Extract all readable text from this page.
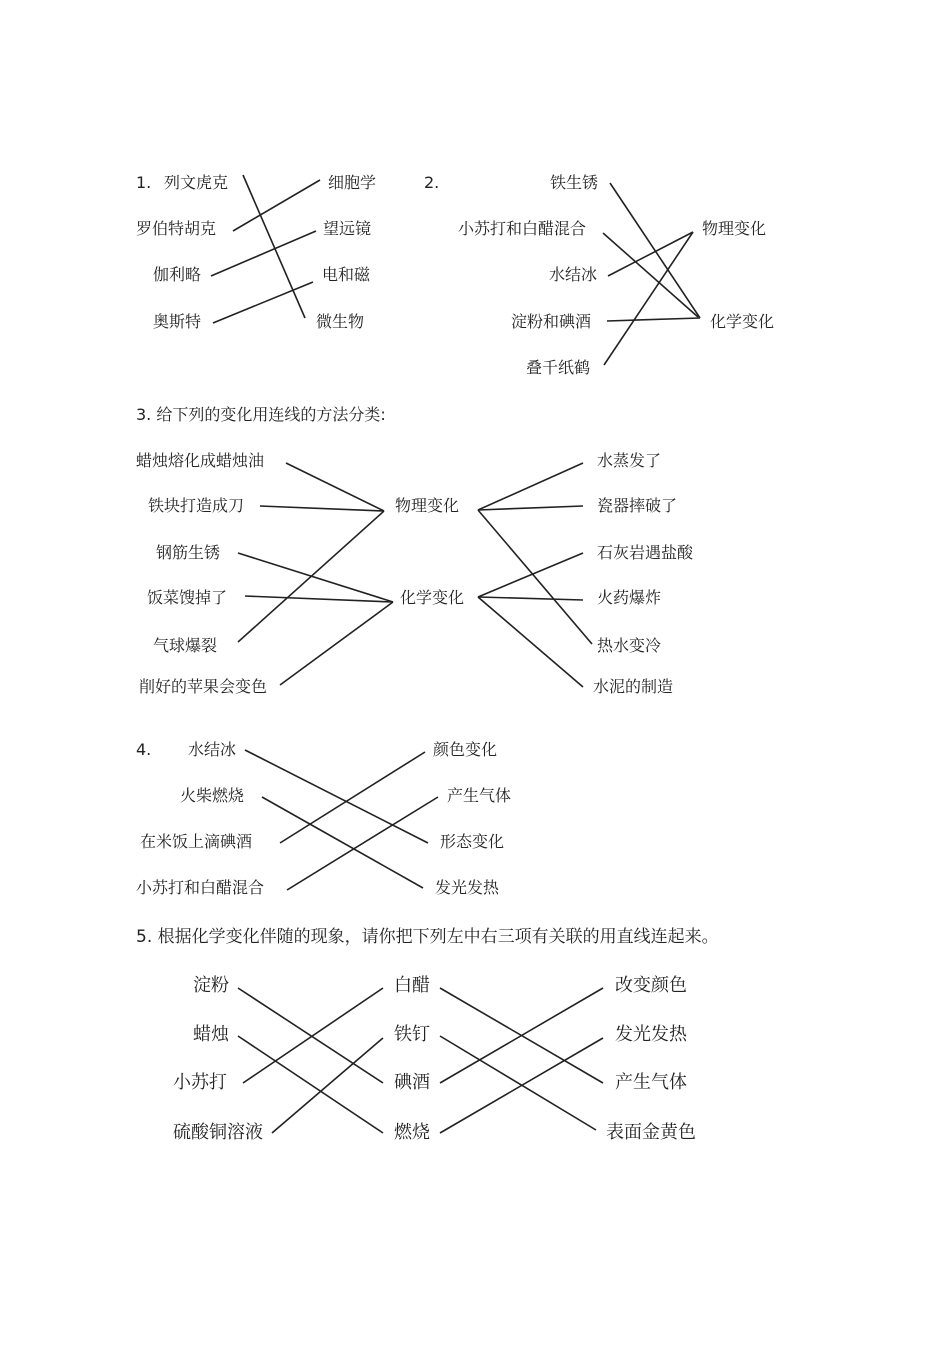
1. 列文虎克
罗伯特胡克
伽利略
奥斯特
细胞学
望远镜
电和磁
微生物
2.	铁生锈
小苏打和白醋混合
水结冰
淀粉和碘酒
叠千纸鹤
物理变化
化学变化
3. 给下列的变化用连线的方法分类:
蜡烛熔化成蜡烛油
铁块打造成刀
钢筋生锈
饭菜馊掉了
气球爆裂
削好的苹果会变色
物理变化
化学变化
水蒸发了
瓷器摔破了
石灰岩遇盐酸
火药爆炸
热水变冷
水泥的制造
4. 水结冰
火柴燃烧
在米饭上滴碘酒
小苏打和白醋混合
颜色变化
产生气体
形态变化
发光发热
5. 根据化学变化伴随的现象，请你把下列左中右三项有关联的用直线连起来。
淀粉
蜡烛
小苏打
硫酸铜溶液
白醋
铁钉
碘酒
燃烧
改变颜色
发光发热
产生气体
表面金黄色
